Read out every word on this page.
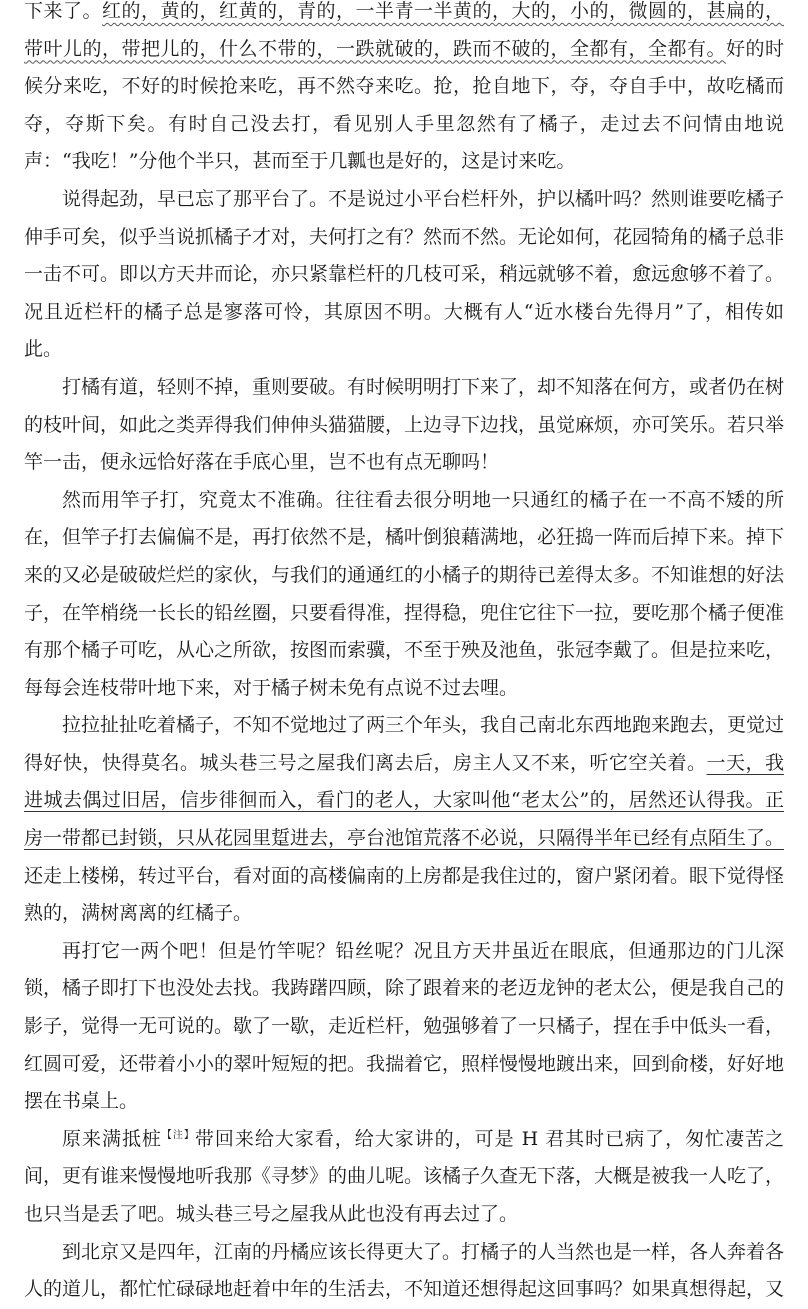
下来了。红的，黄的，红黄的，青的，一半青一半黄的，大的，小的，微圆的，甚扁的，带叶儿的，带把儿的，什么不带的，一跌就破的，跌而不破的，全都有，全都有。好的时候分来吃，不好的时候抢来吃，再不然夺来吃。抢，抢自地下，夺，夺自手中，故吃橘而夺，夺斯下矣。有时自己没去打，看见别人手里忽然有了橘子，走过去不问情由地说声：“我吃！”分他个半只，甚而至于几瓤也是好的，这是讨来吃。

说得起劲，早已忘了那平台了。不是说过小平台栏杆外，护以橘叶吗？然则谁要吃橘子伸手可矣，似乎当说抓橘子才对，夫何打之有？然而不然。无论如何，花园犄角的橘子总非一击不可。即以方天井而论，亦只紧靠栏杆的几枝可采，稍远就够不着，愈远愈够不着了。况且近栏杆的橘子总是寥落可怜，其原因不明。大概有人“近水楼台先得月”了，相传如此。

打橘有道，轻则不掉，重则要破。有时候明明打下来了，却不知落在何方，或者仍在树的枝叶间，如此之类弄得我们伸伸头猫猫腰，上边寻下边找，虽觉麻烦，亦可笑乐。若只举竿一击，便永远恰好落在手底心里，岂不也有点无聊吗！

然而用竿子打，究竟太不准确。往往看去很分明地一只通红的橘子在一不高不矮的所在，但竿子打去偏偏不是，再打依然不是，橘叶倒狼藉满地，必狂捣一阵而后掉下来。掉下来的又必是破破烂烂的家伙，与我们的通通红的小橘子的期待已差得太多。不知谁想的好法子，在竿梢绕一长长的铅丝圈，只要看得准，捏得稳，兜住它往下一拉，要吃那个橘子便准有那个橘子可吃，从心之所欲，按图而索骥，不至于殃及池鱼，张冠李戴了。但是拉来吃，每每会连枝带叶地下来，对于橘子树未免有点说不过去哩。

拉拉扯扯吃着橘子，不知不觉地过了两三个年头，我自己南北东西地跑来跑去，更觉过得好快，快得莫名。城头巷三号之屋我们离去后，房主人又不来，听它空关着。一天，我进城去偶过旧居，信步徘徊而入，看门的老人，大家叫他“老太公”的，居然还认得我。正房一带都已封锁，只从花园里踅进去，亭台池馆荒落不必说，只隔得半年已经有点陌生了。还走上楼梯，转过平台，看对面的高楼偏南的上房都是我住过的，窗户紧闭着。眼下觉得怪熟的，满树离离的红橘子。

再打它一两个吧！但是竹竿呢？铅丝呢？况且方天井虽近在眼底，但通那边的门儿深锁，橘子即打下也没处去找。我踌躇四顾，除了跟着来的老迈龙钟的老太公，便是我自己的影子，觉得一无可说的。歇了一歇，走近栏杆，勉强够着了一只橘子，捏在手中低头一看，红圆可爱，还带着小小的翠叶短短的把。我揣着它，照样慢慢地踱出来，回到俞楼，好好地摆在书桌上。

原来满抵桩$^{【注】}$带回来给大家看，给大家讲的，可是 H 君其时已病了，匆忙凄苦之间，更有谁来慢慢地听我那《寻梦》的曲儿呢。该橘子久查无下落，大概是被我一人吃了，也只当是丢了吧。城头巷三号之屋我从此也没有再去过了。

到北京又是四年，江南的丹橘应该长得更大了。打橘子的人当然也是一样，各人奔着各人的道儿，都忙忙碌碌地赶着中年的生活去，不知道还想得起这回事吗？如果真想得起，又
